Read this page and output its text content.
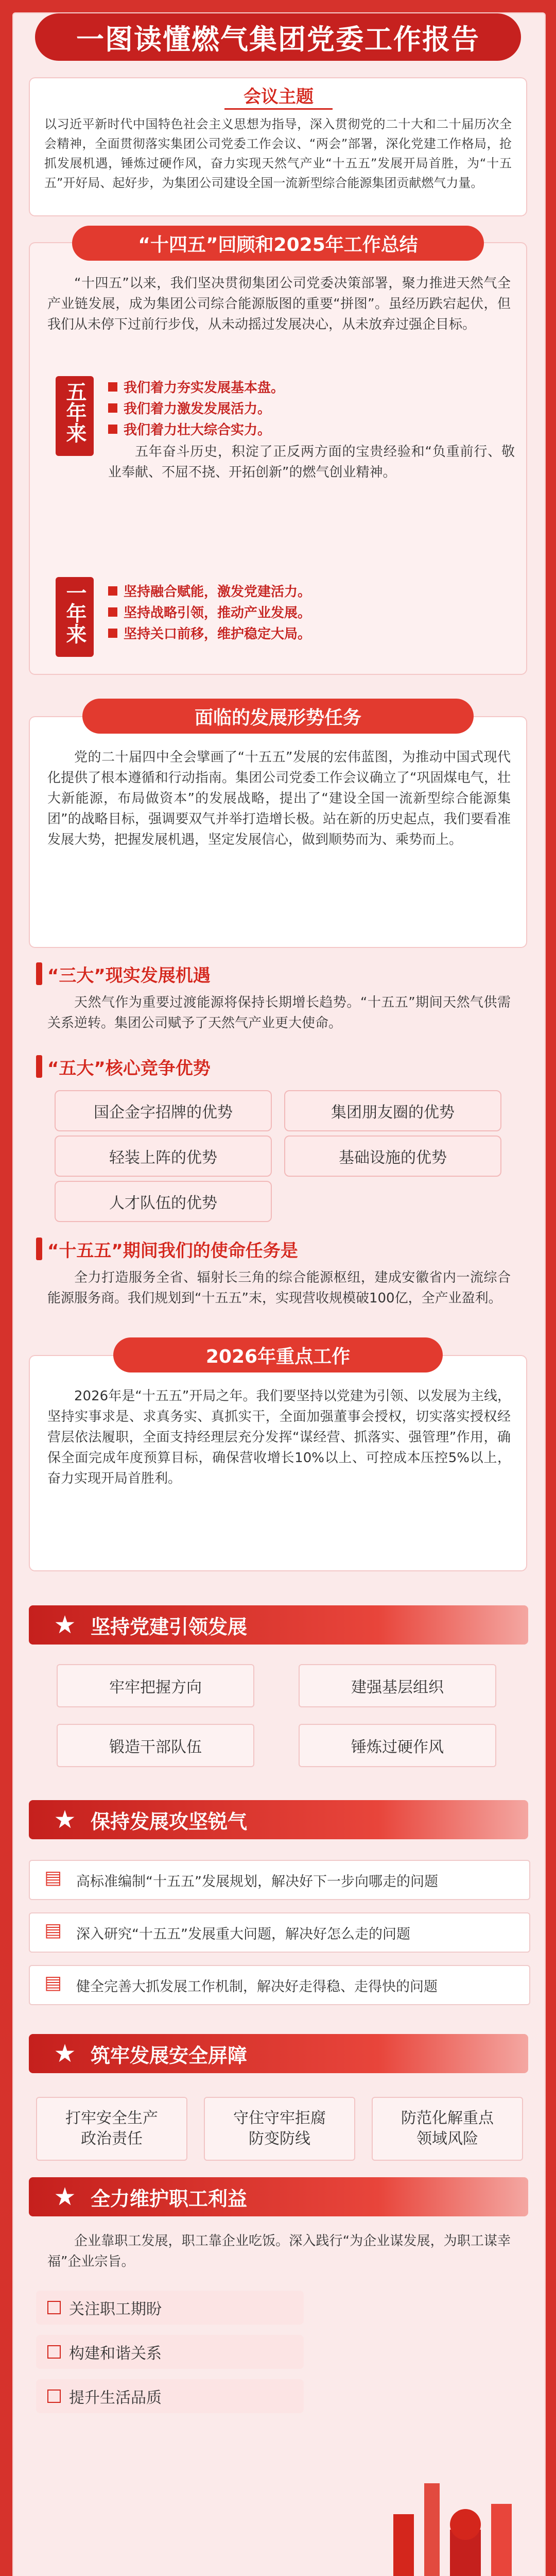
一图读懂燃气集团党委工作报告
会议主题
以习近平新时代中国特色社会主义思想为指导，深入贯彻党的二十大和二十届历次全会精神，全面贯彻落实集团公司党委工作会议、“两会”部署，深化党建工作格局，抢抓发展机遇，锤炼过硬作风，奋力实现天然气产业“十五五”发展开局首胜，为“十五五”开好局、起好步，为集团公司建设全国一流新型综合能源集团贡献燃气力量。
“十四五”回顾和2025年工作总结
“十四五”以来，我们坚决贯彻集团公司党委决策部署，聚力推进天然气全产业链发展，成为集团公司综合能源版图的重要“拼图”。虽经历跌宕起伏，但我们从未停下过前行步伐，从未动摇过发展决心，从未放弃过强企目标。
五年来	我们着力夯实发展基本盘。
我们着力激发发展活力。
我们着力壮大综合实力。
五年奋斗历史，积淀了正反两方面的宝贵经验和“负重前行、敬业奉献、不屈不挠、开拓创新”的燃气创业精神。
一年来	坚持融合赋能，激发党建活力。
坚持战略引领，推动产业发展。
坚持关口前移，维护稳定大局。
面临的发展形势任务
党的二十届四中全会擘画了“十五五”发展的宏伟蓝图，为推动中国式现代化提供了根本遵循和行动指南。集团公司党委工作会议确立了“巩固煤电气，壮大新能源，布局做资本”的发展战略，提出了“建设全国一流新型综合能源集团”的战略目标，强调要双气并举打造增长极。站在新的历史起点，我们要看准发展大势，把握发展机遇，坚定发展信心，做到顺势而为、乘势而上。
“三大”现实发展机遇
天然气作为重要过渡能源将保持长期增长趋势。“十五五”期间天然气供需关系逆转。集团公司赋予了天然气产业更大使命。
“五大”核心竞争优势
国企金字招牌的优势	集团朋友圈的优势
轻装上阵的优势	基础设施的优势
人才队伍的优势
“十五五”期间我们的使命任务是
全力打造服务全省、辐射长三角的综合能源枢纽，建成安徽省内一流综合能源服务商。我们规划到“十五五”末，实现营收规模破100亿，全产业盈利。
2026年重点工作
2026年是“十五五”开局之年。我们要坚持以党建为引领、以发展为主线，坚持实事求是、求真务实、真抓实干，全面加强董事会授权，切实落实授权经营层依法履职，全面支持经理层充分发挥“谋经营、抓落实、强管理”作用，确保全面完成年度预算目标，确保营收增长10%以上、可控成本压控5%以上，奋力实现开局首胜利。
★ 坚持党建引领发展
牢牢把握方向	建强基层组织
锻造干部队伍	锤炼过硬作风
★ 保持发展攻坚锐气
▤ 高标准编制“十五五”发展规划，解决好下一步向哪走的问题
▤ 深入研究“十五五”发展重大问题，解决好怎么走的问题
▤ 健全完善大抓发展工作机制，解决好走得稳、走得快的问题
★ 筑牢发展安全屏障
打牢安全生产
政治责任
守住守牢拒腐
防变防线
防范化解重点
领域风险
★ 全力维护职工利益
企业靠职工发展，职工靠企业吃饭。深入践行“为企业谋发展，为职工谋幸福”企业宗旨。
关注职工期盼
构建和谐关系
提升生活品质
